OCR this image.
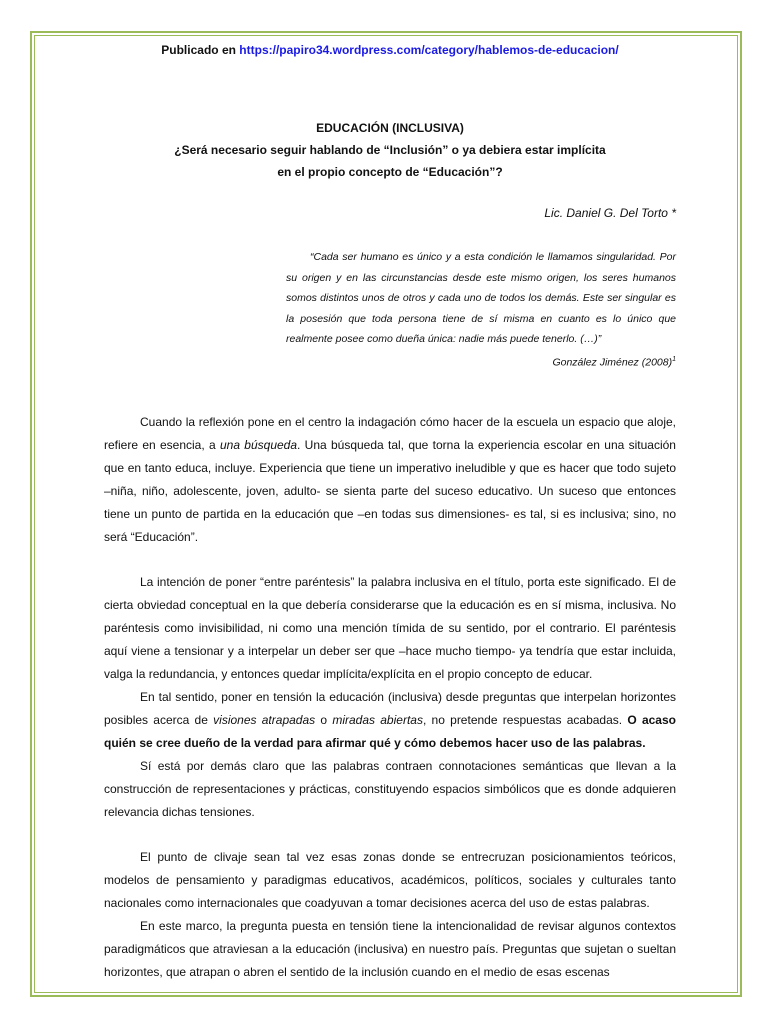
Publicado en https://papiro34.wordpress.com/category/hablemos-de-educacion/
EDUCACIÓN (INCLUSIVA)
¿Será necesario seguir hablando de “Inclusión” o ya debiera estar implícita
en el propio concepto de “Educación”?
Lic. Daniel G. Del Torto *

“Cada ser humano es único y a esta condición le llamamos singularidad. Por su origen y en las circunstancias desde este mismo origen, los seres humanos somos distintos unos de otros y cada uno de todos los demás. Este ser singular es la posesión que toda persona tiene de sí misma en cuanto es lo único que realmente posee como dueña única: nadie más puede tenerlo. (…)”

González Jiménez $(2008)^1$

Cuando la reflexión pone en el centro la indagación cómo hacer de la escuela un espacio que aloje, refiere en esencia, a una búsqueda. Una búsqueda tal, que torna la experiencia escolar en una situación que en tanto educa, incluye. Experiencia que tiene un imperativo ineludible y que es hacer que todo sujeto –niña, niño, adolescente, joven, adulto- se sienta parte del suceso educativo. Un suceso que entonces tiene un punto de partida en la educación que –en todas sus dimensiones- es tal, si es inclusiva; sino, no será “Educación”.

La intención de poner “entre paréntesis” la palabra inclusiva en el título, porta este significado. El de cierta obviedad conceptual en la que debería considerarse que la educación es en sí misma, inclusiva. No paréntesis como invisibilidad, ni como una mención tímida de su sentido, por el contrario. El paréntesis aquí viene a tensionar y a interpelar un deber ser que –hace mucho tiempo- ya tendría que estar incluida, valga la redundancia, y entonces quedar implícita/explícita en el propio concepto de educar.

En tal sentido, poner en tensión la educación (inclusiva) desde preguntas que interpelan horizontes posibles acerca de visiones atrapadas o miradas abiertas, no pretende respuestas acabadas. O acaso quién se cree dueño de la verdad para afirmar qué y cómo debemos hacer uso de las palabras.

Sí está por demás claro que las palabras contraen connotaciones semánticas que llevan a la construcción de representaciones y prácticas, constituyendo espacios simbólicos que es donde adquieren relevancia dichas tensiones.

El punto de clivaje sean tal vez esas zonas donde se entrecruzan posicionamientos teóricos, modelos de pensamiento y paradigmas educativos, académicos, políticos, sociales y culturales tanto nacionales como internacionales que coadyuvan a tomar decisiones acerca del uso de estas palabras.

En este marco, la pregunta puesta en tensión tiene la intencionalidad de revisar algunos contextos paradigmáticos que atraviesan a la educación (inclusiva) en nuestro país. Preguntas que sujetan o sueltan horizontes, que atrapan o abren el sentido de la inclusión cuando en el medio de esas escenas
